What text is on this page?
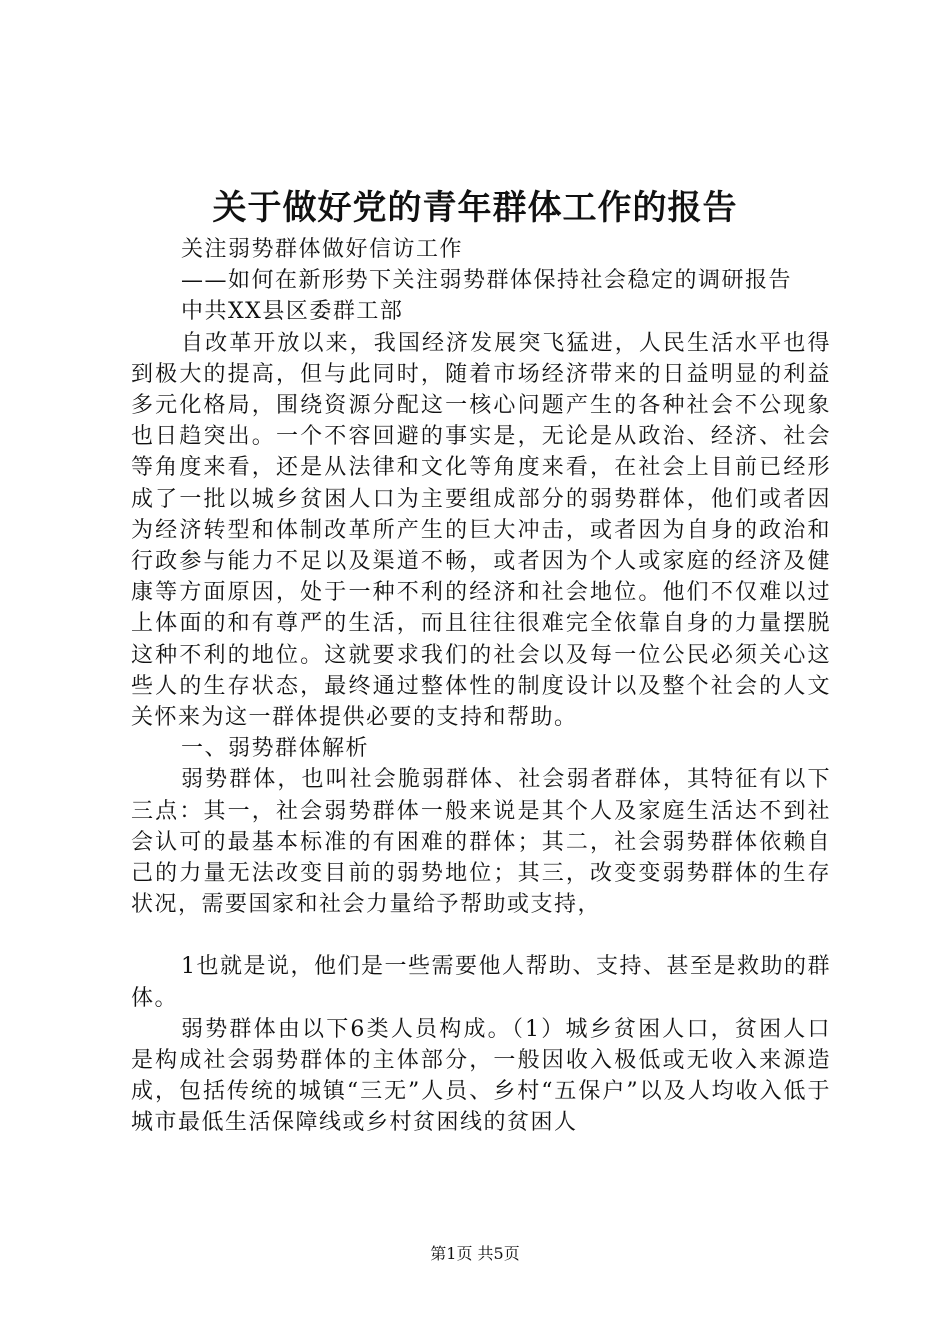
关于做好党的青年群体工作的报告

关注弱势群体做好信访工作

——如何在新形势下关注弱势群体保持社会稳定的调研报告

中共XX县区委群工部

自改革开放以来，我国经济发展突飞猛进，人民生活水平也得到极大的提高，但与此同时，随着市场经济带来的日益明显的利益多元化格局，围绕资源分配这一核心问题产生的各种社会不公现象也日趋突出。一个不容回避的事实是，无论是从政治、经济、社会等角度来看，还是从法律和文化等角度来看，在社会上目前已经形成了一批以城乡贫困人口为主要组成部分的弱势群体，他们或者因为经济转型和体制改革所产生的巨大冲击，或者因为自身的政治和行政参与能力不足以及渠道不畅，或者因为个人或家庭的经济及健康等方面原因，处于一种不利的经济和社会地位。他们不仅难以过上体面的和有尊严的生活，而且往往很难完全依靠自身的力量摆脱这种不利的地位。这就要求我们的社会以及每一位公民必须关心这些人的生存状态，最终通过整体性的制度设计以及整个社会的人文关怀来为这一群体提供必要的支持和帮助。

一、弱势群体解析

弱势群体，也叫社会脆弱群体、社会弱者群体，其特征有以下三点：其一，社会弱势群体一般来说是其个人及家庭生活达不到社会认可的最基本标准的有困难的群体；其二，社会弱势群体依赖自己的力量无法改变目前的弱势地位；其三，改变变弱势群体的生存状况，需要国家和社会力量给予帮助或支持，

1也就是说，他们是一些需要他人帮助、支持、甚至是救助的群体。

弱势群体由以下6类人员构成。（1）城乡贫困人口，贫困人口是构成社会弱势群体的主体部分，一般因收入极低或无收入来源造成，包括传统的城镇“三无”人员、乡村“五保户”以及人均收入低于城市最低生活保障线或乡村贫困线的贫困人

第1页 共5页
